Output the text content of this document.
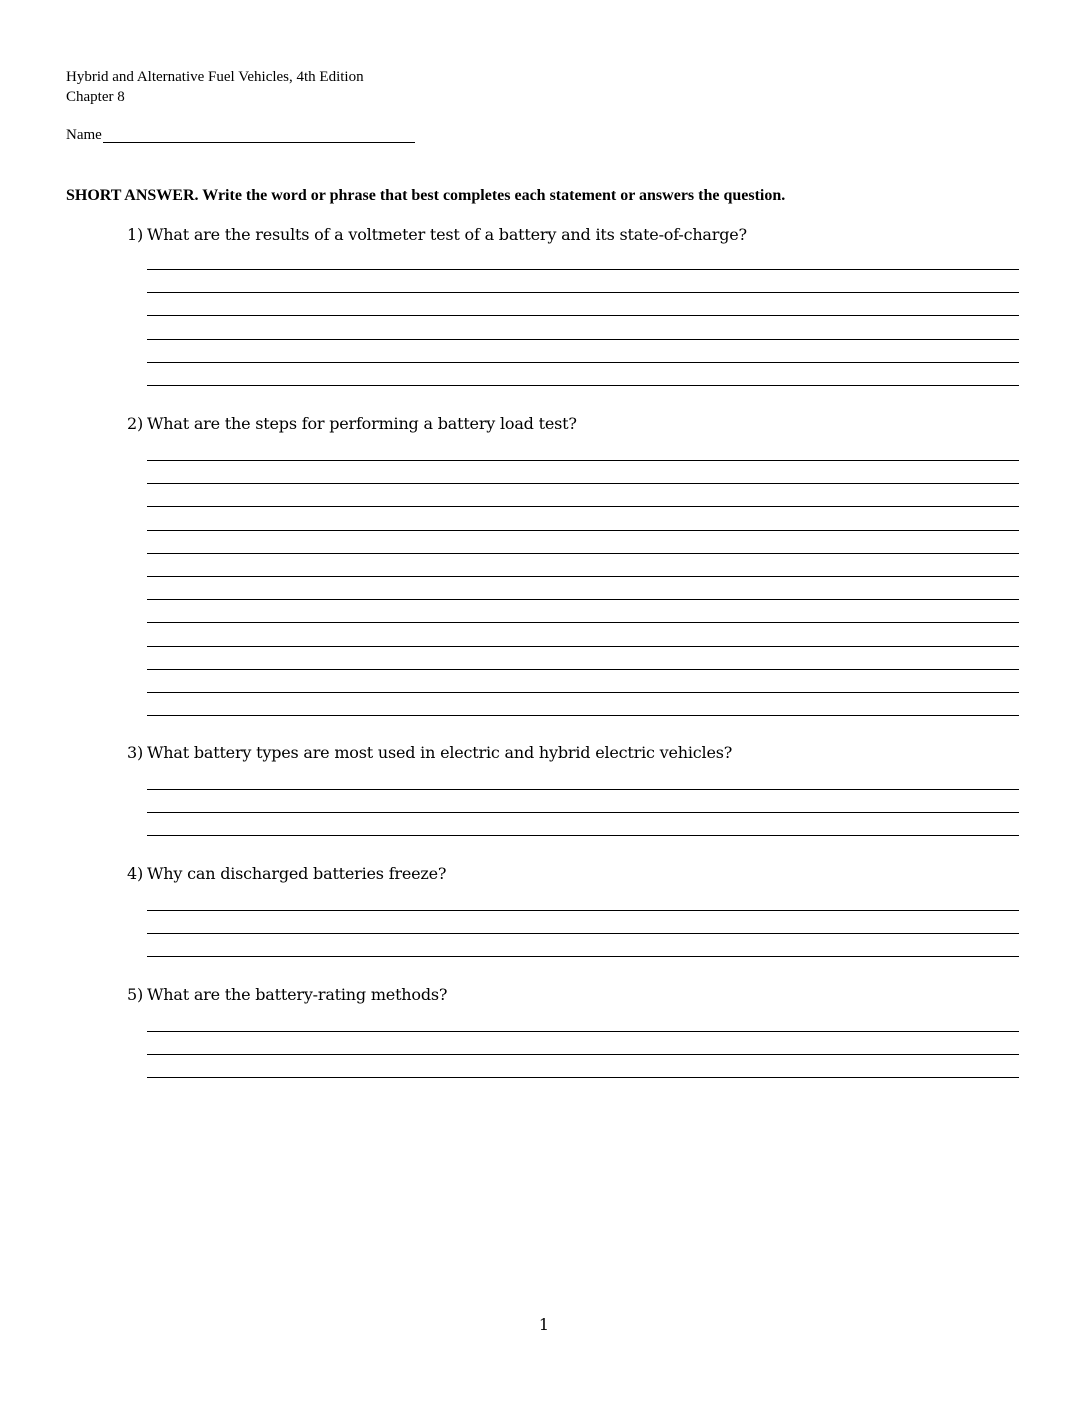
Hybrid and Alternative Fuel Vehicles, 4th Edition
Chapter 8
Name
SHORT ANSWER. Write the word or phrase that best completes each statement or answers the question.
1) What are the results of a voltmeter test of a battery and its state-of-charge?
2) What are the steps for performing a battery load test?
3) What battery types are most used in electric and hybrid electric vehicles?
4) Why can discharged batteries freeze?
5) What are the battery-rating methods?
1
